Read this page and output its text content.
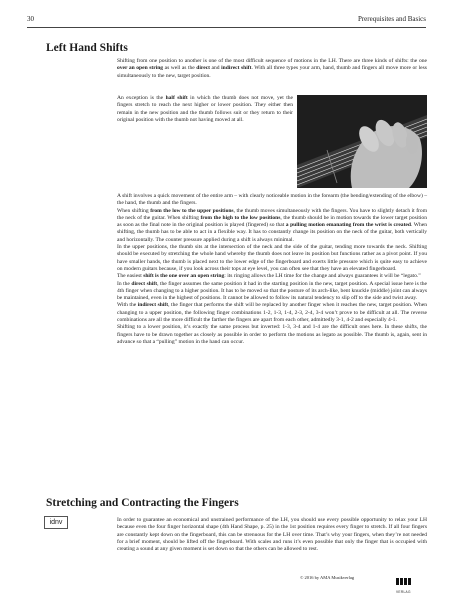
30	Prerequisites and Basics
Left Hand Shifts

Shifting from one position to another is one of the most difficult sequence of motions in the LH. There are three kinds of shifts: the one over an open string as well as the direct and indirect shift. With all three types your arm, hand, thumb and fingers all move more or less simultaneously to the new, target position.

An exception is the half shift in which the thumb does not move, yet the fingers stretch to reach the next higher or lower position. They either then remain in the new position and the thumb follows suit or they return to their original position with the thumb not having moved at all.

A shift involves a quick movement of the entire arm – with clearly noticeable motion in the forearm (the bending/extending of the elbow) – the hand, the thumb and the fingers.

When shifting from the low to the upper positions, the thumb moves simultaneously with the fingers. You have to slightly detach it from the neck of the guitar. When shifting from the high to the low positions, the thumb should be in motion towards the lower target position as soon as the final note in the original position is played (fingered) so that a pulling motion emanating from the wrist is created. When shifting, the thumb has to be able to act in a flexible way. It has to constantly change its position on the neck of the guitar, both vertically and horizontally. The counter pressure applied during a shift is always minimal.

In the upper positions, the thumb sits at the intersection of the neck and the side of the guitar, tending more towards the neck. Shifting should be executed by stretching the whole hand whereby the thumb does not leave its position but functions rather as a pivot point. If you have smaller hands, the thumb is placed next to the lower edge of the fingerboard and exerts little pressure which is quite easy to achieve on modern guitars because, if you look across their tops at eye level, you can often see that they have an elevated fingerboard.

The easiest shift is the one over an open string: its ringing allows the LH time for the change and always guarantees it will be “legato.”

In the direct shift, the finger assumes the same position it had in the starting position in the new, target position. A special issue here is the 4th finger when changing to a higher position. It has to be moved so that the posture of its arch-like, bent knuckle (middle) joint can always be maintained, even in the highest of positions. It cannot be allowed to follow its natural tendency to slip off to the side and twist away.

With the indirect shift, the finger that performs the shift will be replaced by another finger when it reaches the new, target position. When changing to a upper position, the following finger combinations 1-2, 1-3, 1-4, 2-3, 2-4, 3-4 won’t prove to be difficult at all. The reverse combinations are all the more difficult the farther the fingers are apart from each other, admittedly 3-1, 4-2 and especially 4-1.

Shifting to a lower position, it’s exactly the same process but inverted: 1-3, 3-4 and 1-4 are the difficult ones here. In these shifts, the fingers have to be drawn together as closely as possible in order to perform the motions as legato as possible. The thumb is, again, sent in advance so that a “pulling” motion in the hand can occur.

Stretching and Contracting the Fingers
idnv	In order to guarantee an economical and unstrained performance of the LH, you should use every possible opportunity to relax your LH because even the four finger horizontal shape (4th Hand Shape, p. 25) in the 1st position requires every finger to stretch. If all four fingers are constantly kept down on the fingerboard, this can be strenuous for the LH over time. That’s why your fingers, when they’re not needed for a brief moment, should be lifted off the fingerboard. With scales and runs it’s even possible that only the finger that is occupied with creating a sound at any given moment is set down so that the others can be allowed to rest.

© 2016 by AMA Musikverlag
VERLAG
